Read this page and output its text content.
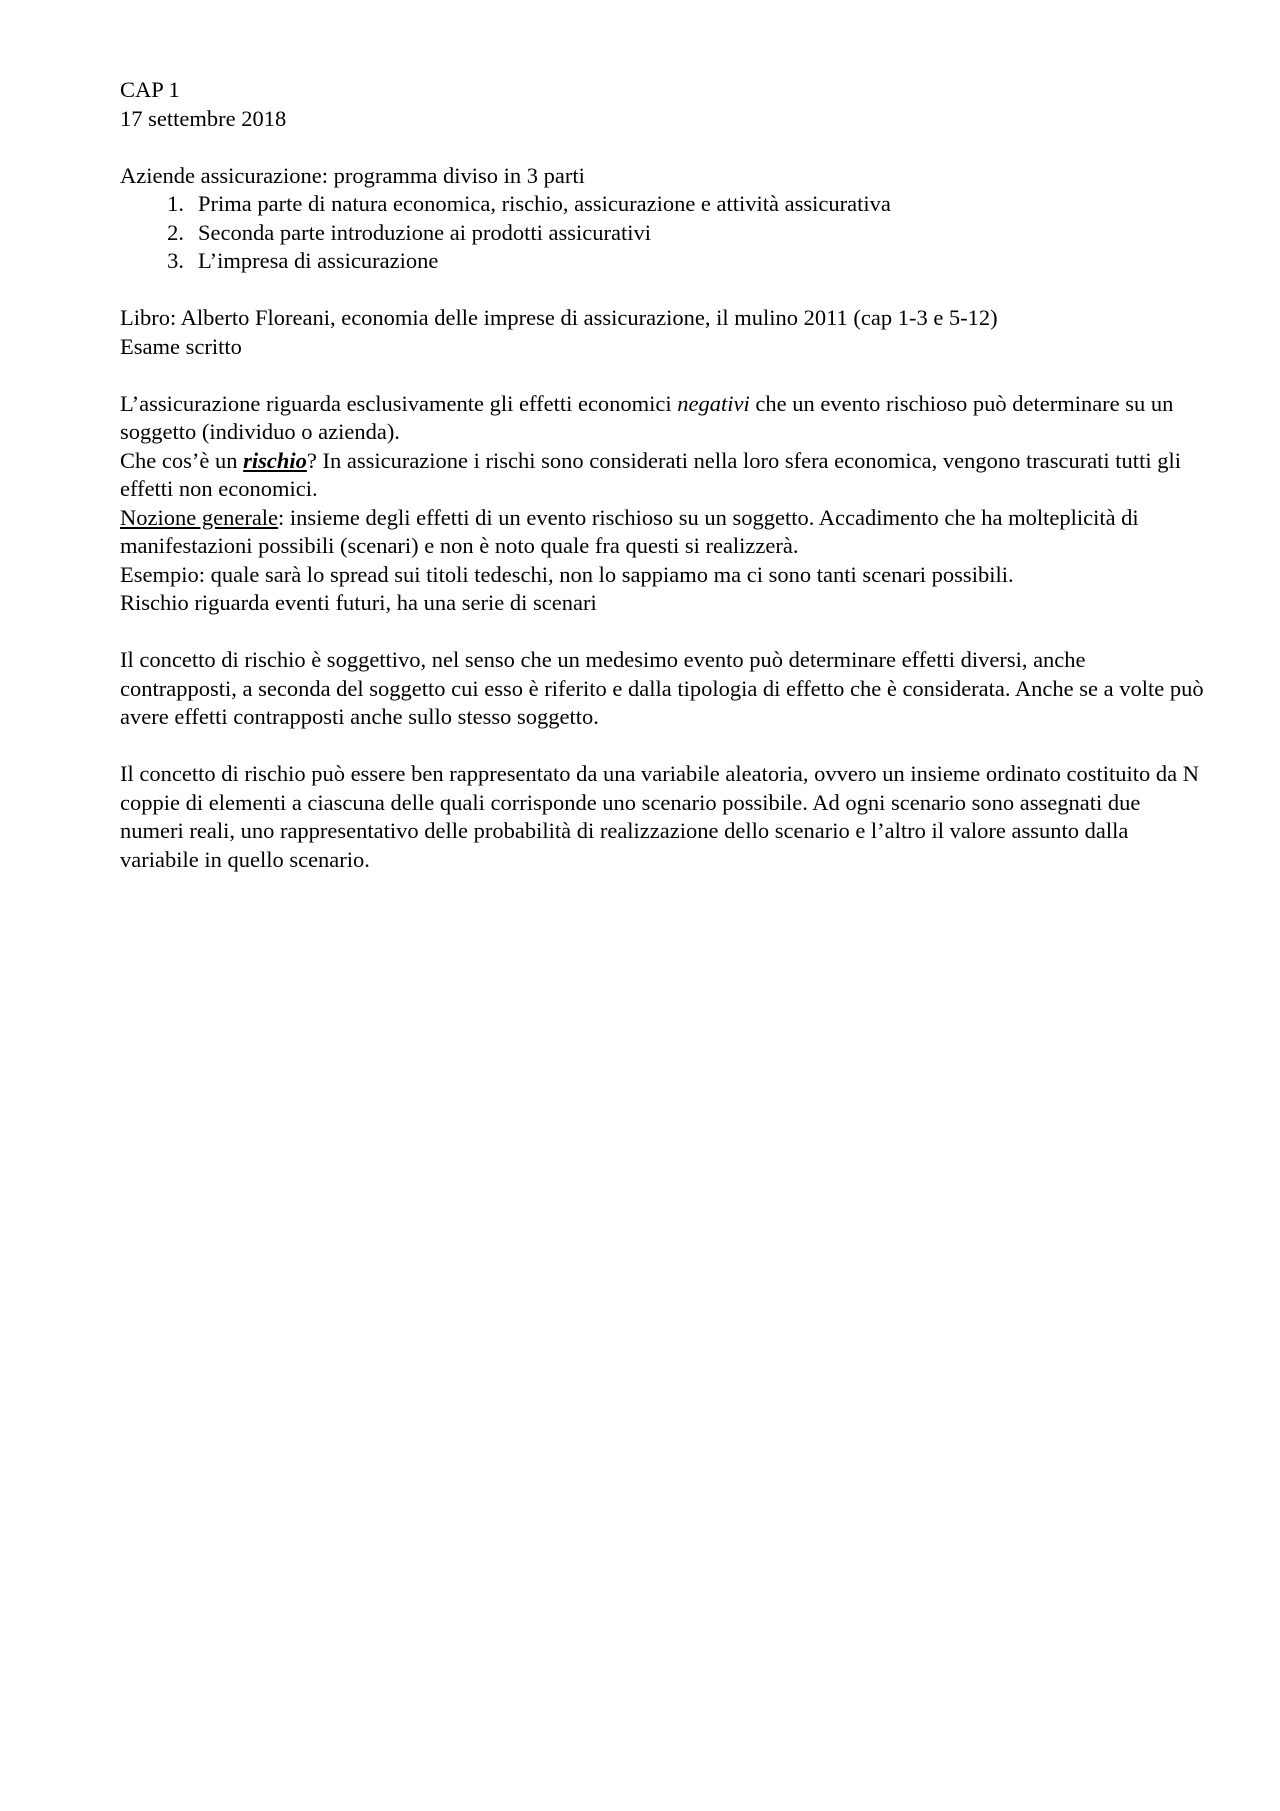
CAP 1

17 settembre 2018

Aziende assicurazione: programma diviso in 3 parti

1. Prima parte di natura economica, rischio, assicurazione e attività assicurativa
2. Seconda parte introduzione ai prodotti assicurativi
3. L’impresa di assicurazione

Libro: Alberto Floreani, economia delle imprese di assicurazione, il mulino 2011 (cap 1-3 e 5-12)

Esame scritto

L’assicurazione riguarda esclusivamente gli effetti economici negativi che un evento rischioso può determinare su un soggetto (individuo o azienda).

Che cos’è un rischio? In assicurazione i rischi sono considerati nella loro sfera economica, vengono trascurati tutti gli effetti non economici.

Nozione generale: insieme degli effetti di un evento rischioso su un soggetto. Accadimento che ha molteplicità di manifestazioni possibili (scenari) e non è noto quale fra questi si realizzerà.

Esempio: quale sarà lo spread sui titoli tedeschi, non lo sappiamo ma ci sono tanti scenari possibili.

Rischio riguarda eventi futuri, ha una serie di scenari

Il concetto di rischio è soggettivo, nel senso che un medesimo evento può determinare effetti diversi, anche contrapposti, a seconda del soggetto cui esso è riferito e dalla tipologia di effetto che è considerata. Anche se a volte può avere effetti contrapposti anche sullo stesso soggetto.

Il concetto di rischio può essere ben rappresentato da una variabile aleatoria, ovvero un insieme ordinato costituito da N coppie di elementi a ciascuna delle quali corrisponde uno scenario possibile. Ad ogni scenario sono assegnati due numeri reali, uno rappresentativo delle probabilità di realizzazione dello scenario e l’altro il valore assunto dalla variabile in quello scenario.
